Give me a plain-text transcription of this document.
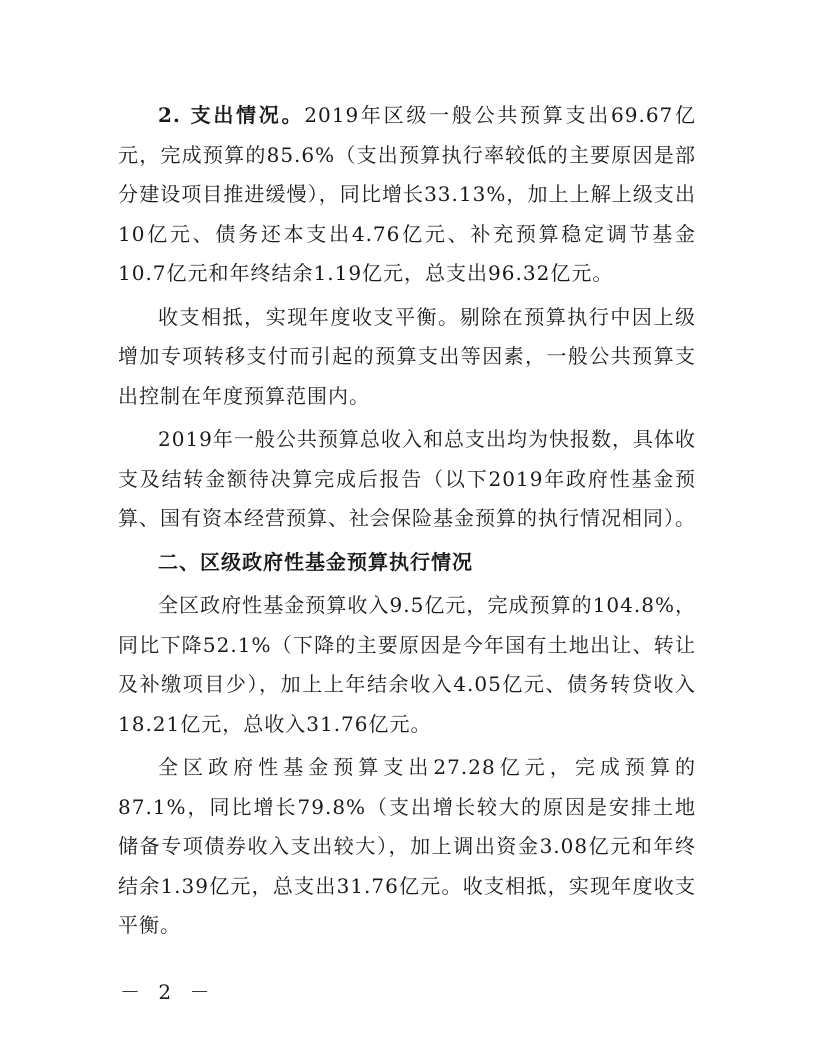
2. 支出情况。2019年区级一般公共预算支出69.67亿元，完成预算的85.6%（支出预算执行率较低的主要原因是部分建设项目推进缓慢），同比增长33.13%，加上上解上级支出10亿元、债务还本支出4.76亿元、补充预算稳定调节基金10.7亿元和年终结余1.19亿元，总支出96.32亿元。

收支相抵，实现年度收支平衡。剔除在预算执行中因上级增加专项转移支付而引起的预算支出等因素，一般公共预算支出控制在年度预算范围内。

2019年一般公共预算总收入和总支出均为快报数，具体收支及结转金额待决算完成后报告（以下2019年政府性基金预算、国有资本经营预算、社会保险基金预算的执行情况相同）。

二、区级政府性基金预算执行情况

全区政府性基金预算收入9.5亿元，完成预算的104.8%，同比下降52.1%（下降的主要原因是今年国有土地出让、转让及补缴项目少），加上上年结余收入4.05亿元、债务转贷收入18.21亿元，总收入31.76亿元。

全区政府性基金预算支出27.28亿元，完成预算的87.1%，同比增长79.8%（支出增长较大的原因是安排土地储备专项债券收入支出较大），加上调出资金3.08亿元和年终结余1.39亿元，总支出31.76亿元。收支相抵，实现年度收支平衡。

－ 2 －
